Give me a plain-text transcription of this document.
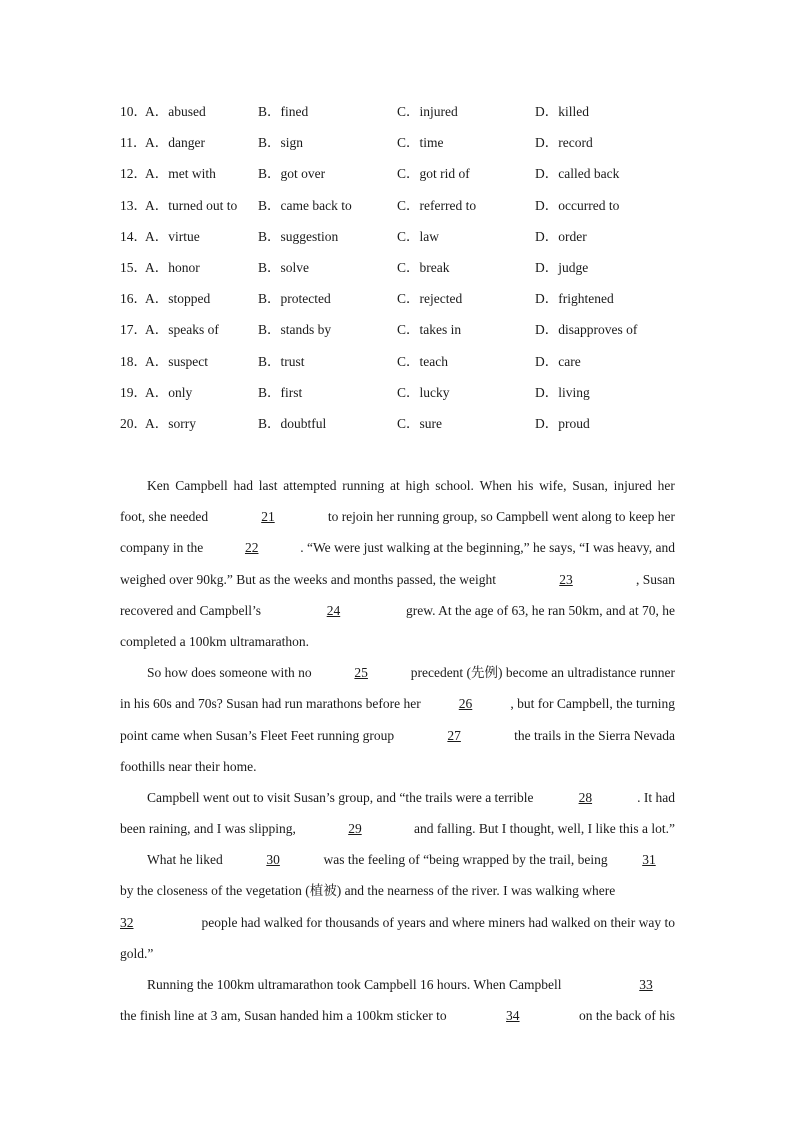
10．
A．abused	B．fined	C．injured	D．killed
11．
A．danger	B．sign	C．time	D．record
12．
A．met with	B．got over	C．got rid of	D．called back
13．
A．turned out to B．came back to	C．referred to	D．occurred to
14．
A．virtue	B．suggestion	C．law	D．order
15．
A．honor	B．solve	C．break	D．judge
16．
A．stopped	B．protected	C．rejected	D．frightened
17．
A．speaks of	B．stands by	C．takes in	D．disapproves of
18．
A．suspect	B．trust	C．teach	D．care
19．
A．only	B．first	C．lucky	D．living
20．
A．sorry	B．doubtful	C．sure	D．proud
Ken Campbell had last attempted running at high school. When his wife, Susan, injured her
foot, she needed	21	to rejoin her running group, so Campbell went along to keep her
company in the	22	. “We were just walking at the beginning,” he says, “I was heavy, and
weighed over 90kg.” But as the weeks and months passed, the weight	23	, Susan
recovered and Campbell’s	24	grew. At the age of 63, he ran 50km, and at 70, he
completed a 100km ultramarathon.
So how does someone with no	25	precedent (先例) become an ultradistance runner
in his 60s and 70s? Susan had run marathons before her	26	, but for Campbell, the turning
point came when Susan’s Fleet Feet running group	27	the trails in the Sierra Nevada
foothills near their home.
Campbell went out to visit Susan’s group, and “the trails were a terrible	28	. It had
been raining, and I was slipping,	29	and falling. But I thought, well, I like this a lot.”
What he liked	30	was the feeling of “being wrapped by the trail, being	31
by the closeness of the vegetation (植被) and the nearness of the river. I was walking where
32	people had walked for thousands of years and where miners had walked on their way to
gold.”
Running the 100km ultramarathon took Campbell 16 hours. When Campbell	33
the finish line at 3 am, Susan handed him a 100km sticker to	34	on the back of his
